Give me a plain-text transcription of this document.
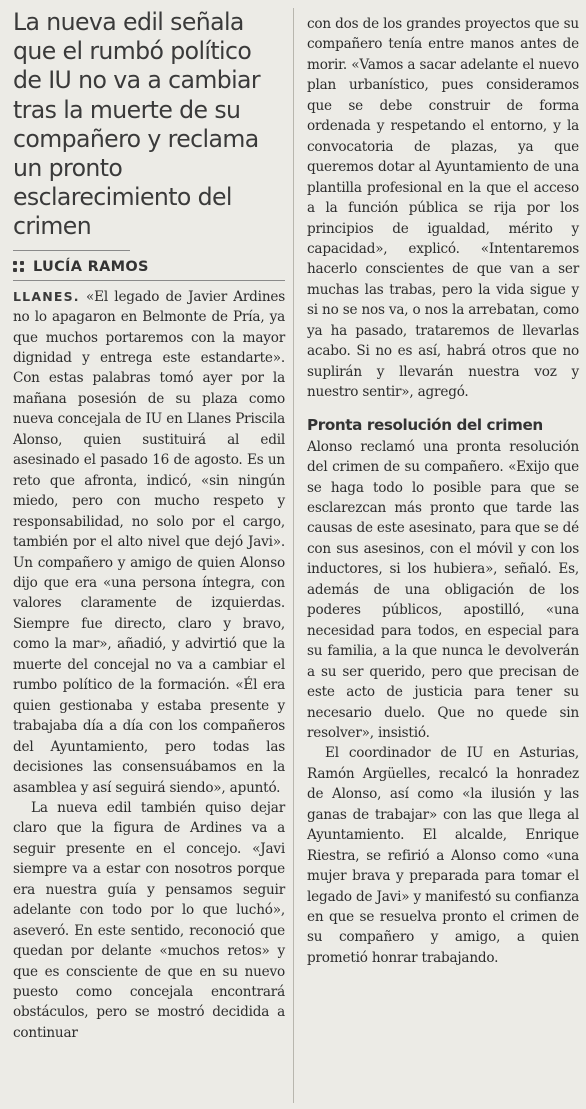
La nueva edil señala que el rumbó político de IU no va a cambiar tras la muerte de su compañero y reclama un pronto esclarecimiento del crimen
LUCÍA RAMOS

LLANES. «El legado de Javier Ardines no lo apagaron en Belmonte de Pría, ya que muchos portaremos con la mayor dignidad y entrega este estandarte». Con estas palabras tomó ayer por la mañana posesión de su plaza como nueva concejala de IU en Llanes Priscila Alonso, quien sustituirá al edil asesinado el pasado 16 de agosto. Es un reto que afronta, indicó, «sin ningún miedo, pero con mucho respeto y responsabilidad, no solo por el cargo, también por el alto nivel que dejó Javi». Un compañero y amigo de quien Alonso dijo que era «una persona íntegra, con valores claramente de izquierdas. Siempre fue directo, claro y bravo, como la mar», añadió, y advirtió que la muerte del concejal no va a cambiar el rumbo político de la formación. «Él era quien gestionaba y estaba presente y trabajaba día a día con los compañeros del Ayuntamiento, pero todas las decisiones las consensuábamos en la asamblea y así seguirá siendo», apuntó.

La nueva edil también quiso dejar claro que la figura de Ardines va a seguir presente en el concejo. «Javi siempre va a estar con nosotros porque era nuestra guía y pensamos seguir adelante con todo por lo que luchó», aseveró. En este sentido, reconoció que quedan por delante «muchos retos» y que es consciente de que en su nuevo puesto como concejala encontrará obstáculos, pero se mostró decidida a continuar

con dos de los grandes proyectos que su compañero tenía entre manos antes de morir. «Vamos a sacar adelante el nuevo plan urbanístico, pues consideramos que se debe construir de forma ordenada y respetando el entorno, y la convocatoria de plazas, ya que queremos dotar al Ayuntamiento de una plantilla profesional en la que el acceso a la función pública se rija por los principios de igualdad, mérito y capacidad», explicó. «Intentaremos hacerlo conscientes de que van a ser muchas las trabas, pero la vida sigue y si no se nos va, o nos la arrebatan, como ya ha pasado, trataremos de llevarlas acabo. Si no es así, habrá otros que no suplirán y llevarán nuestra voz y nuestro sentir», agregó.

Pronta resolución del crimen

Alonso reclamó una pronta resolución del crimen de su compañero. «Exijo que se haga todo lo posible para que se esclarezcan más pronto que tarde las causas de este asesinato, para que se dé con sus asesinos, con el móvil y con los inductores, si los hubiera», señaló. Es, además de una obligación de los poderes públicos, apostilló, «una necesidad para todos, en especial para su familia, a la que nunca le devolverán a su ser querido, pero que precisan de este acto de justicia para tener su necesario duelo. Que no quede sin resolver», insistió.

El coordinador de IU en Asturias, Ramón Argüelles, recalcó la honradez de Alonso, así como «la ilusión y las ganas de trabajar» con las que llega al Ayuntamiento. El alcalde, Enrique Riestra, se refirió a Alonso como «una mujer brava y preparada para tomar el legado de Javi» y manifestó su confianza en que se resuelva pronto el crimen de su compañero y amigo, a quien prometió honrar trabajando.
